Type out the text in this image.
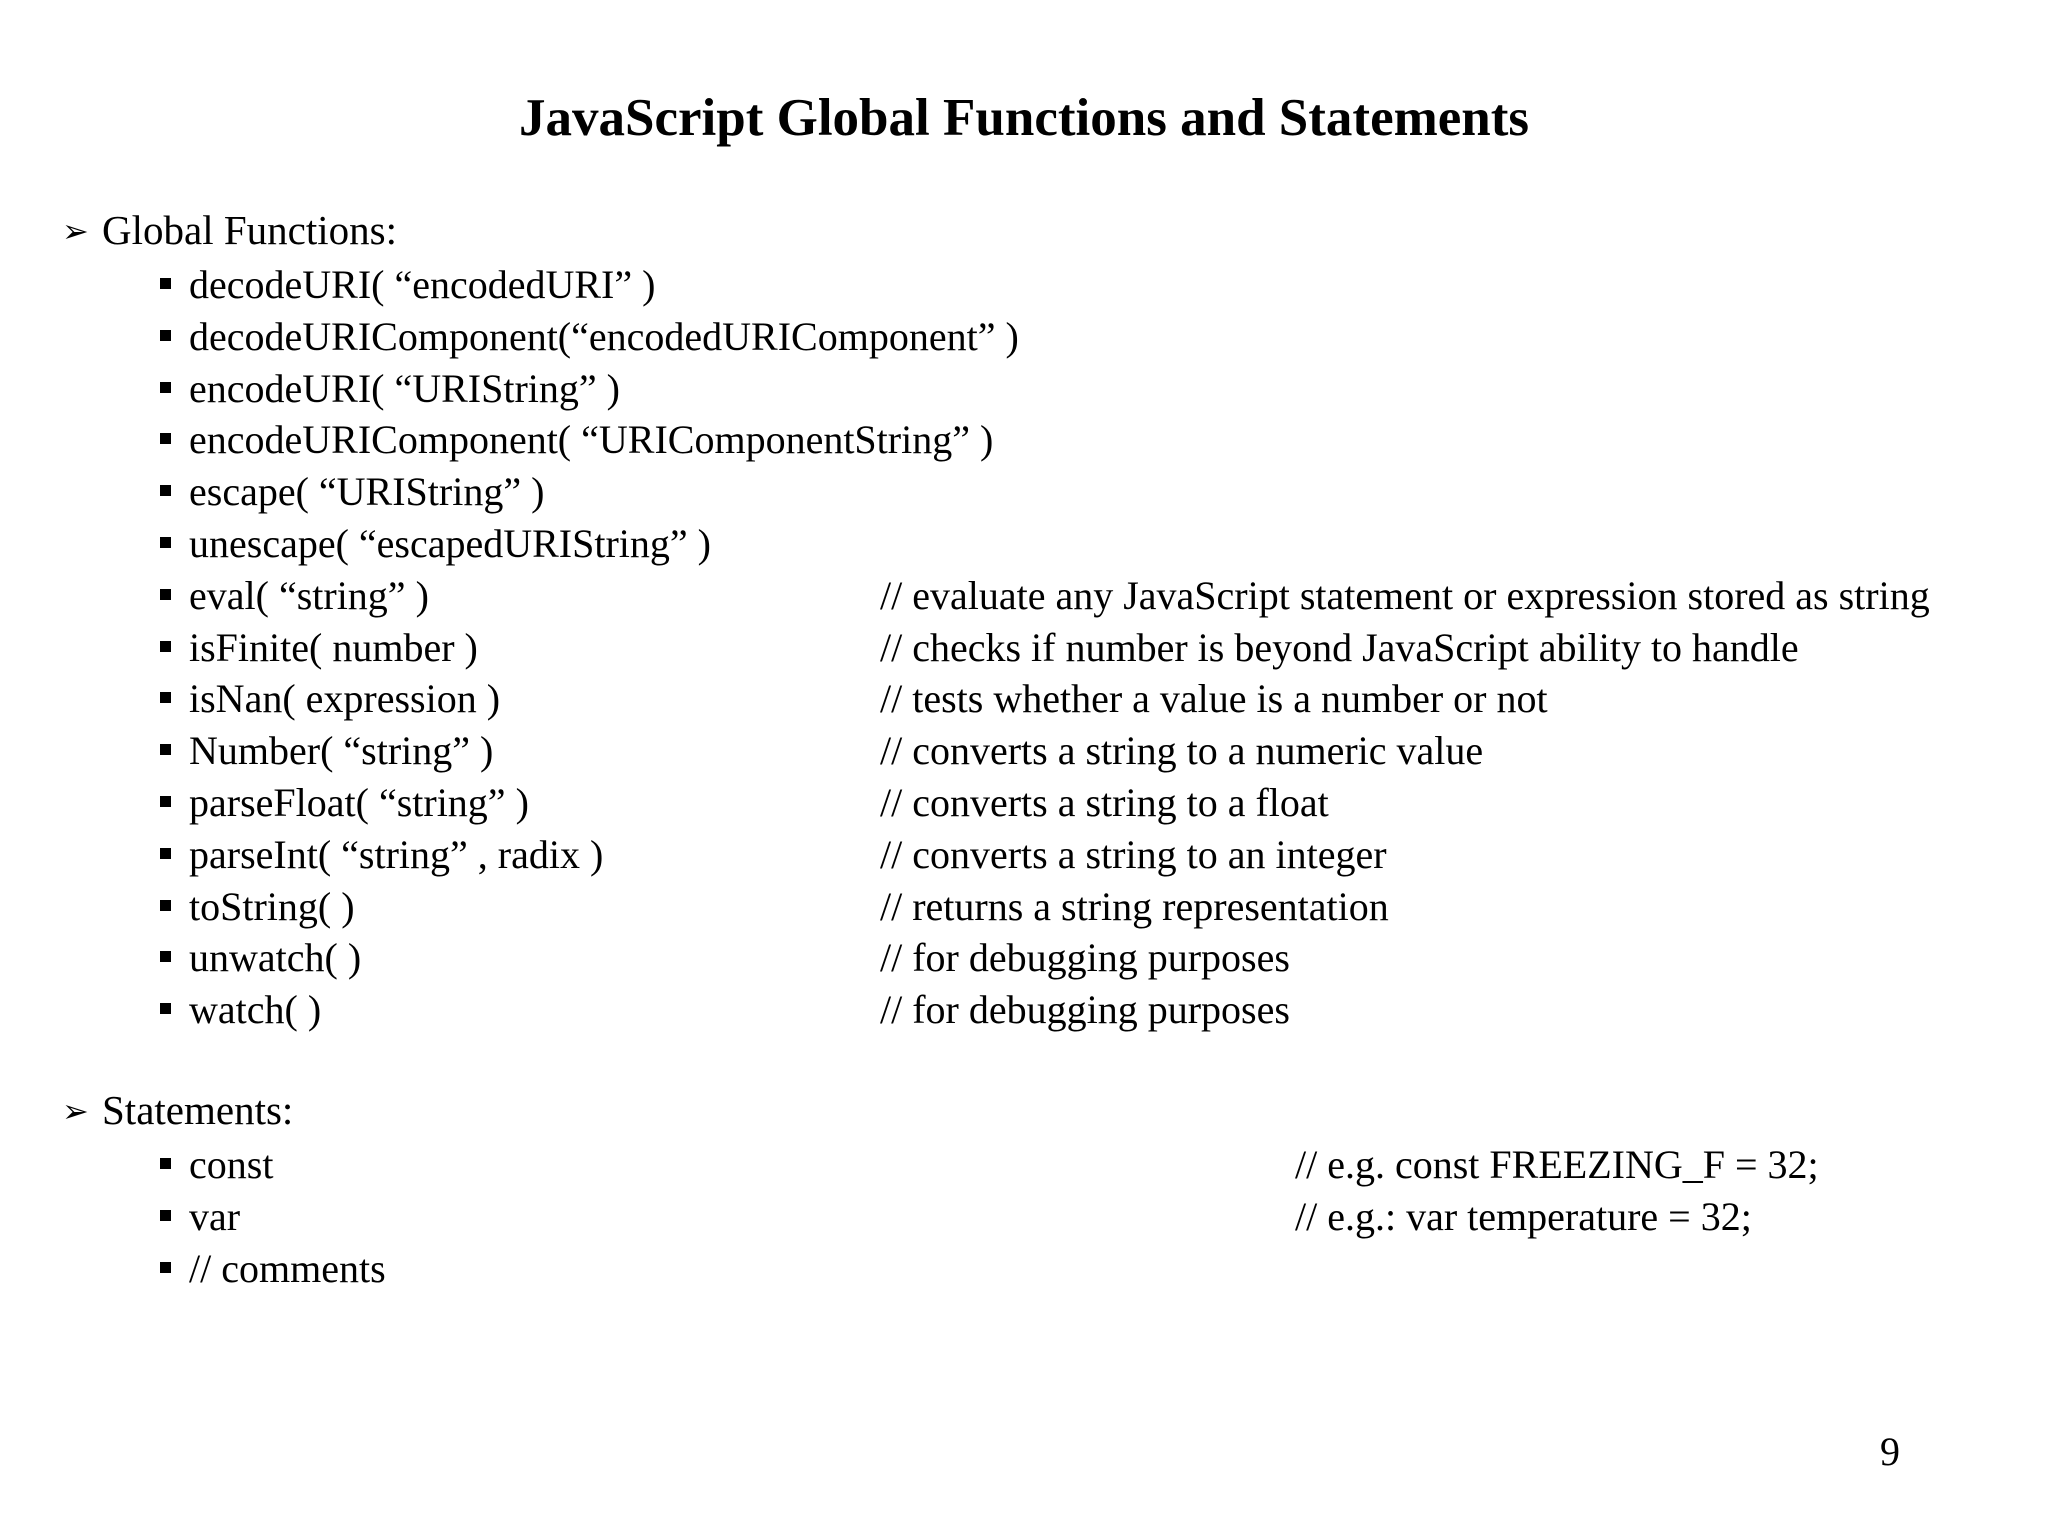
JavaScript Global Functions and Statements
➢ Global Functions:
decodeURI( “encodedURI” )
decodeURIComponent(“encodedURIComponent” )
encodeURI( “URIString” )
encodeURIComponent( “URIComponentString” )
escape( “URIString” )
unescape( “escapedURIString” )
eval( “string” )	// evaluate any JavaScript statement or expression stored as string
isFinite( number )	// checks if number is beyond JavaScript ability to handle
isNan( expression )	// tests whether a value is a number or not
Number( “string” )	// converts a string to a numeric value
parseFloat( “string” )	// converts a string to a float
parseInt( “string” , radix )	// converts a string to an integer
toString( )	// returns a string representation
unwatch( )	// for debugging purposes
watch( )	// for debugging purposes
➢ Statements:
const	// e.g. const FREEZING_F = 32;
var	// e.g.: var temperature = 32;
// comments
9
